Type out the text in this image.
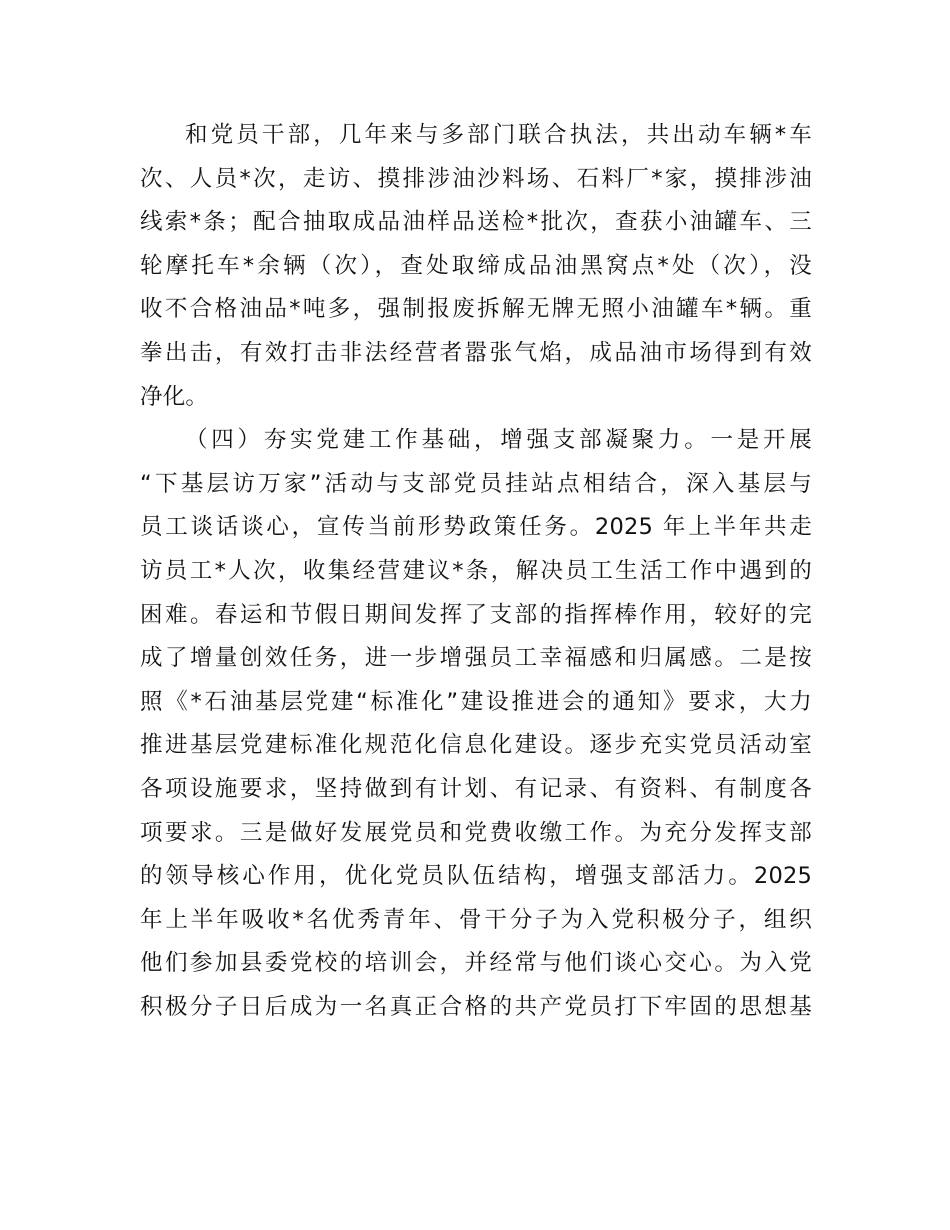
和党员干部，几年来与多部门联合执法，共出动车辆*车
次、人员*次，走访、摸排涉油沙料场、石料厂*家，摸排涉油
线索*条；配合抽取成品油样品送检*批次，查获小油罐车、三
轮摩托车*余辆（次），查处取缔成品油黑窝点*处（次），没
收不合格油品*吨多，强制报废拆解无牌无照小油罐车*辆。重
拳出击，有效打击非法经营者嚣张气焰，成品油市场得到有效
净化。
（四）夯实党建工作基础，增强支部凝聚力。一是开展
“下基层访万家”活动与支部党员挂站点相结合，深入基层与
员工谈话谈心，宣传当前形势政策任务。2025 年上半年共走
访员工*人次，收集经营建议*条，解决员工生活工作中遇到的
困难。春运和节假日期间发挥了支部的指挥棒作用，较好的完
成了增量创效任务，进一步增强员工幸福感和归属感。二是按
照《*石油基层党建“标准化”建设推进会的通知》要求，大力
推进基层党建标准化规范化信息化建设。逐步充实党员活动室
各项设施要求，坚持做到有计划、有记录、有资料、有制度各
项要求。三是做好发展党员和党费收缴工作。为充分发挥支部
的领导核心作用，优化党员队伍结构，增强支部活力。2025
年上半年吸收*名优秀青年、骨干分子为入党积极分子，组织
他们参加县委党校的培训会，并经常与他们谈心交心。为入党
积极分子日后成为一名真正合格的共产党员打下牢固的思想基
